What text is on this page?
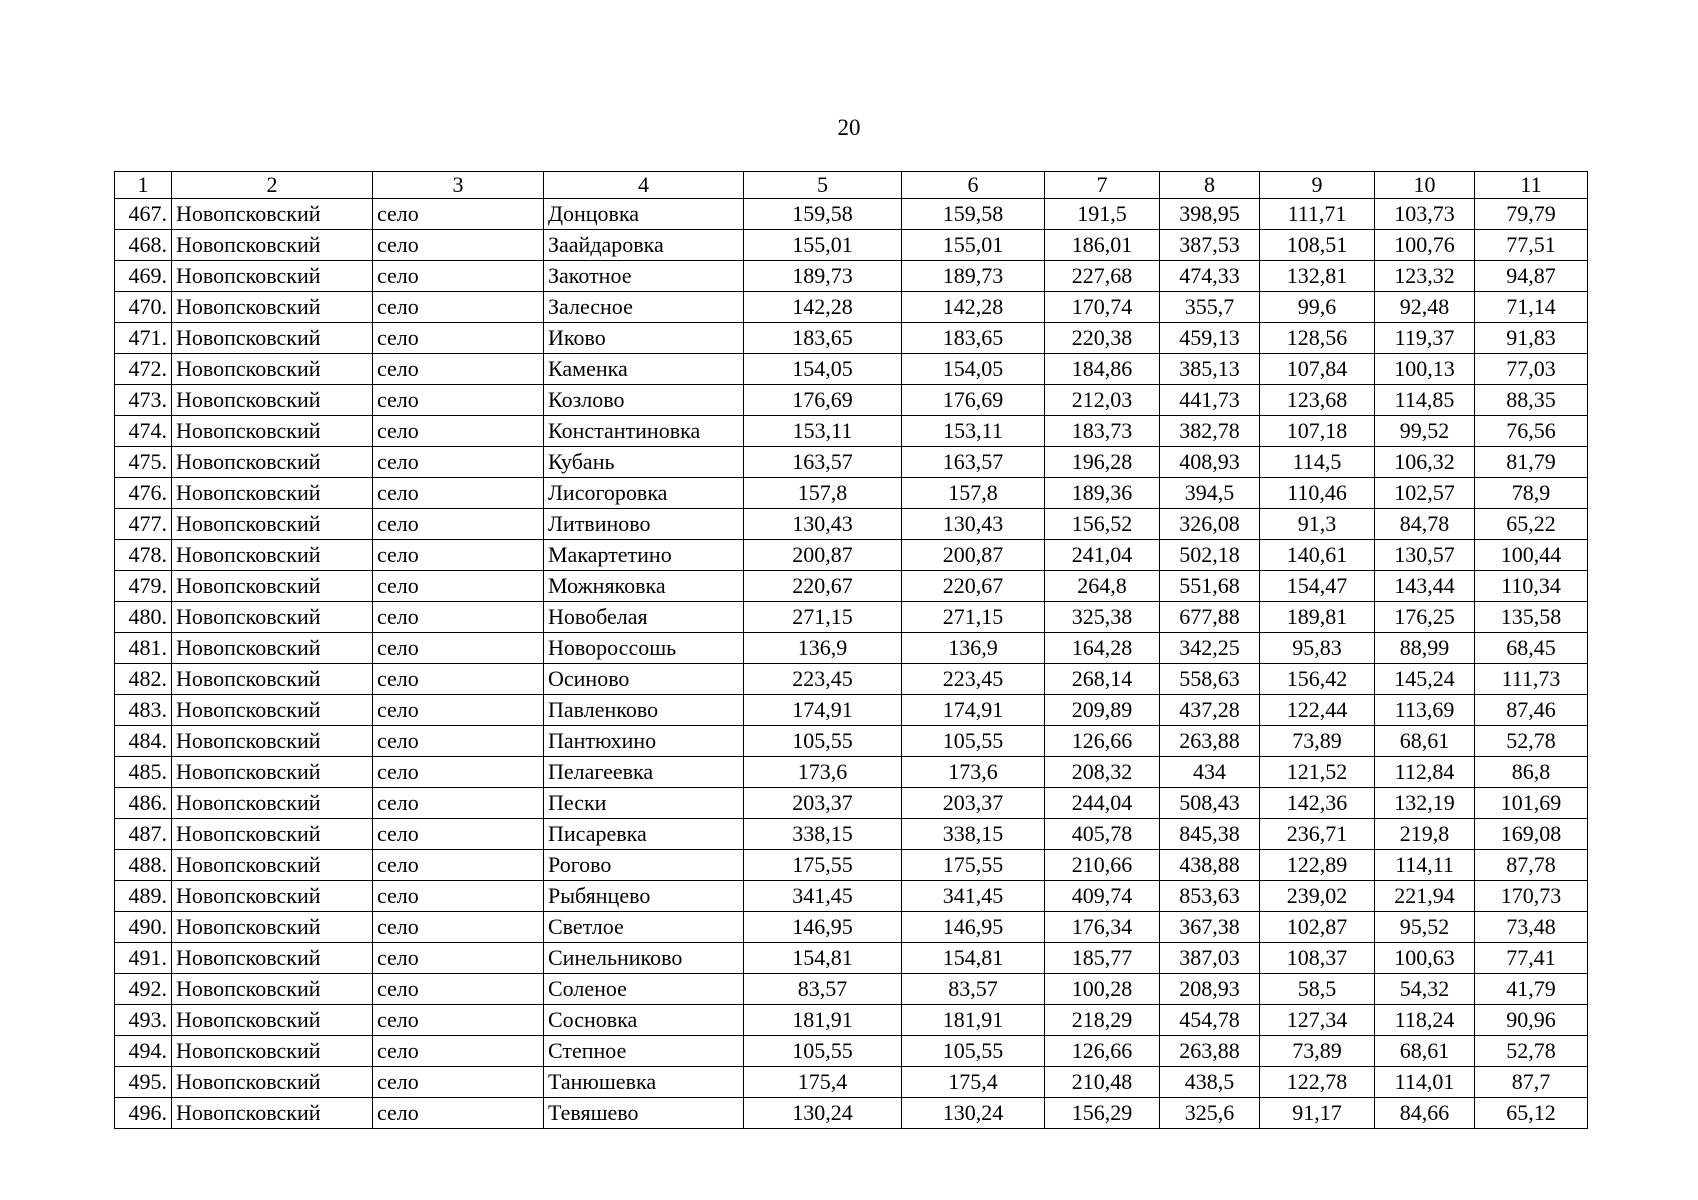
20
1	2	3	4	5	6	7	8	9	10	11
467.	Новопсковский	село	Донцовка	159,58	159,58	191,5	398,95	111,71	103,73	79,79
468.	Новопсковский	село	Заайдаровка	155,01	155,01	186,01	387,53	108,51	100,76	77,51
469.	Новопсковский	село	Закотное	189,73	189,73	227,68	474,33	132,81	123,32	94,87
470.	Новопсковский	село	Залесное	142,28	142,28	170,74	355,7	99,6	92,48	71,14
471.	Новопсковский	село	Иково	183,65	183,65	220,38	459,13	128,56	119,37	91,83
472.	Новопсковский	село	Каменка	154,05	154,05	184,86	385,13	107,84	100,13	77,03
473.	Новопсковский	село	Козлово	176,69	176,69	212,03	441,73	123,68	114,85	88,35
474.	Новопсковский	село	Константиновка	153,11	153,11	183,73	382,78	107,18	99,52	76,56
475.	Новопсковский	село	Кубань	163,57	163,57	196,28	408,93	114,5	106,32	81,79
476.	Новопсковский	село	Лисогоровка	157,8	157,8	189,36	394,5	110,46	102,57	78,9
477.	Новопсковский	село	Литвиново	130,43	130,43	156,52	326,08	91,3	84,78	65,22
478.	Новопсковский	село	Макартетино	200,87	200,87	241,04	502,18	140,61	130,57	100,44
479.	Новопсковский	село	Можняковка	220,67	220,67	264,8	551,68	154,47	143,44	110,34
480.	Новопсковский	село	Новобелая	271,15	271,15	325,38	677,88	189,81	176,25	135,58
481.	Новопсковский	село	Новороссошь	136,9	136,9	164,28	342,25	95,83	88,99	68,45
482.	Новопсковский	село	Осиново	223,45	223,45	268,14	558,63	156,42	145,24	111,73
483.	Новопсковский	село	Павленково	174,91	174,91	209,89	437,28	122,44	113,69	87,46
484.	Новопсковский	село	Пантюхино	105,55	105,55	126,66	263,88	73,89	68,61	52,78
485.	Новопсковский	село	Пелагеевка	173,6	173,6	208,32	434	121,52	112,84	86,8
486.	Новопсковский	село	Пески	203,37	203,37	244,04	508,43	142,36	132,19	101,69
487.	Новопсковский	село	Писаревка	338,15	338,15	405,78	845,38	236,71	219,8	169,08
488.	Новопсковский	село	Рогово	175,55	175,55	210,66	438,88	122,89	114,11	87,78
489.	Новопсковский	село	Рыбянцево	341,45	341,45	409,74	853,63	239,02	221,94	170,73
490.	Новопсковский	село	Светлое	146,95	146,95	176,34	367,38	102,87	95,52	73,48
491.	Новопсковский	село	Синельниково	154,81	154,81	185,77	387,03	108,37	100,63	77,41
492.	Новопсковский	село	Соленое	83,57	83,57	100,28	208,93	58,5	54,32	41,79
493.	Новопсковский	село	Сосновка	181,91	181,91	218,29	454,78	127,34	118,24	90,96
494.	Новопсковский	село	Степное	105,55	105,55	126,66	263,88	73,89	68,61	52,78
495.	Новопсковский	село	Танюшевка	175,4	175,4	210,48	438,5	122,78	114,01	87,7
496.	Новопсковский	село	Тевяшево	130,24	130,24	156,29	325,6	91,17	84,66	65,12
